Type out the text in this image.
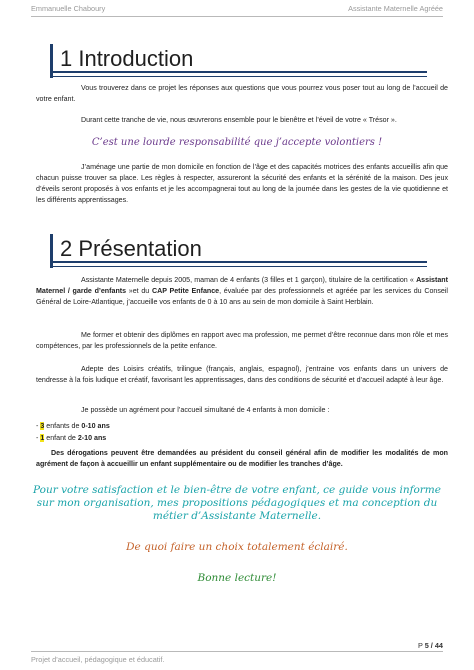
Emmanuelle Chaboury	Assistante Maternelle Agréée
1 Introduction

Vous trouverez dans ce projet les réponses aux questions que vous pourrez vous poser tout au long de l’accueil de votre enfant.

Durant cette tranche de vie, nous œuvrerons ensemble pour le bienêtre et l’éveil de votre « Trésor ».

C’est une lourde responsabilité que j’accepte volontiers !

J’aménage une partie de mon domicile en fonction de l’âge et des capacités motrices des enfants accueillis afin que chacun puisse trouver sa place. Les règles à respecter, assureront la sécurité des enfants et la sérénité de la maison. Des jeux d’éveils seront proposés à vos enfants et je les accompagnerai tout au long de la journée dans les gestes de la vie quotidienne et les différents apprentissages.

2 Présentation

Assistante Maternelle depuis 2005, maman de 4 enfants (3 filles et 1 garçon), titulaire de la certification « Assistant Maternel / garde d’enfants »et du CAP Petite Enfance, évaluée par des professionnels et agréée par les services du Conseil Général de Loire-Atlantique, j’accueille vos enfants de 0 à 10 ans au sein de mon domicile à Saint Herblain.

Me former et obtenir des diplômes en rapport avec ma profession, me permet d’être reconnue dans mon rôle et mes compétences, par les professionnels de la petite enfance.

Adepte des Loisirs créatifs, trilingue (français, anglais, espagnol), j’entraine vos enfants dans un univers de tendresse à la fois ludique et créatif, favorisant les apprentissages, dans des conditions de sécurité et d’accueil adapté à leur âge.

Je possède un agrément pour l’accueil simultané de 4 enfants à mon domicile :

- 3 enfants de 0-10 ans
- 1 enfant de 2-10 ans

Des dérogations peuvent être demandées au président du conseil général afin de modifier les modalités de mon agrément de façon à accueillir un enfant supplémentaire ou de modifier les tranches d’âge.

Pour votre satisfaction et le bien-être de votre enfant, ce guide vous informe sur mon organisation, mes propositions pédagogiques et ma conception du métier d’Assistante Maternelle.
De quoi faire un choix totalement éclairé.
Bonne lecture!
P 5 / 44
Projet d’accueil, pédagogique et éducatif.
